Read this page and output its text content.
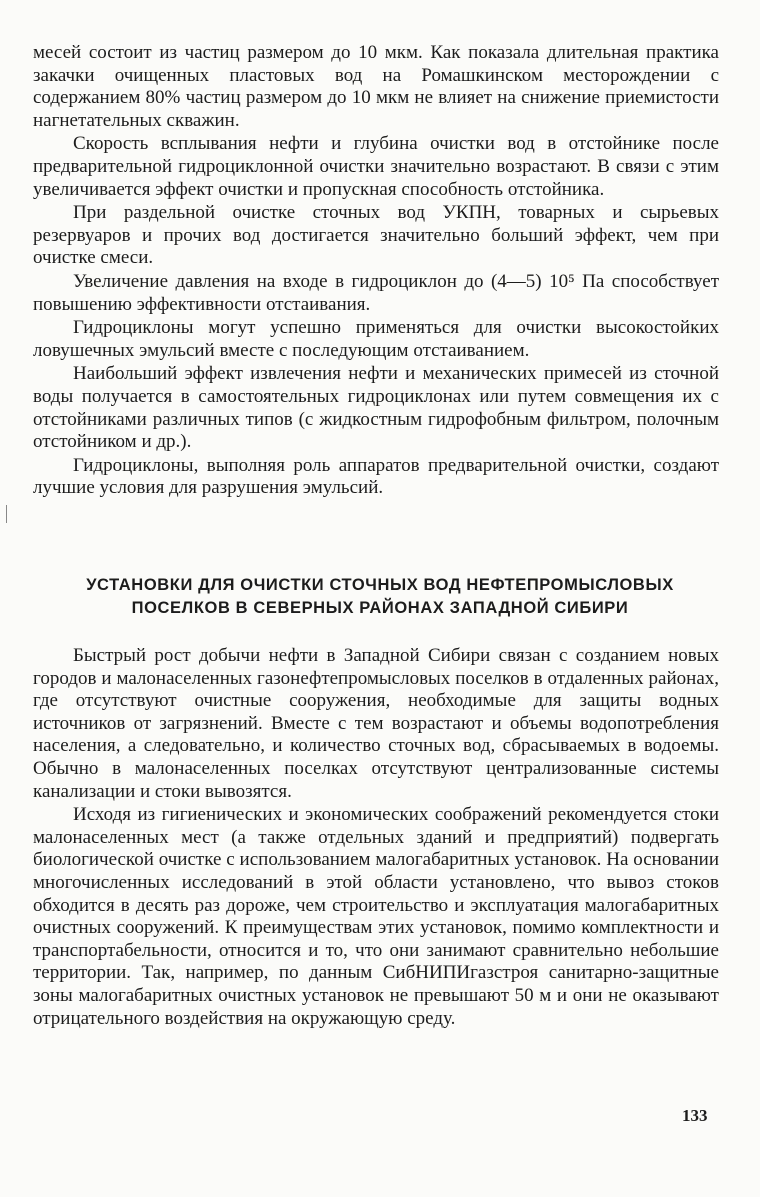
месей состоит из частиц размером до 10 мкм. Как показала длительная практика закачки очищенных пластовых вод на Ромашкинском месторождении с содержанием 80% частиц размером до 10 мкм не влияет на снижение приемистости нагнетательных скважин.

Скорость всплывания нефти и глубина очистки вод в отстойнике после предварительной гидроциклонной очистки значительно возрастают. В связи с этим увеличивается эффект очистки и пропускная способность отстойника.

При раздельной очистке сточных вод УКПН, товарных и сырьевых резервуаров и прочих вод достигается значительно больший эффект, чем при очистке смеси.

Увеличение давления на входе в гидроциклон до (4—5) 10⁵ Па способствует повышению эффективности отстаивания.

Гидроциклоны могут успешно применяться для очистки высокостойких ловушечных эмульсий вместе с последующим отстаиванием.

Наибольший эффект извлечения нефти и механических примесей из сточной воды получается в самостоятельных гидроциклонах или путем совмещения их с отстойниками различных типов (с жидкостным гидрофобным фильтром, полочным отстойником и др.).

Гидроциклоны, выполняя роль аппаратов предварительной очистки, создают лучшие условия для разрушения эмульсий.

УСТАНОВКИ ДЛЯ ОЧИСТКИ СТОЧНЫХ ВОД НЕФТЕПРОМЫСЛОВЫХ
ПОСЕЛКОВ В СЕВЕРНЫХ РАЙОНАХ ЗАПАДНОЙ СИБИРИ

Быстрый рост добычи нефти в Западной Сибири связан с созданием новых городов и малонаселенных газонефтепромысловых поселков в отдаленных районах, где отсутствуют очистные сооружения, необходимые для защиты водных источников от загрязнений. Вместе с тем возрастают и объемы водопотребления населения, а следовательно, и количество сточных вод, сбрасываемых в водоемы. Обычно в малонаселенных поселках отсутствуют централизованные системы канализации и стоки вывозятся.

Исходя из гигиенических и экономических соображений рекомендуется стоки малонаселенных мест (а также отдельных зданий и предприятий) подвергать биологической очистке с использованием малогабаритных установок. На основании многочисленных исследований в этой области установлено, что вывоз стоков обходится в десять раз дороже, чем строительство и эксплуатация малогабаритных очистных сооружений. К преимуществам этих установок, помимо комплектности и транспортабельности, относится и то, что они занимают сравнительно небольшие территории. Так, например, по данным СибНИПИгазстроя санитарно-защитные зоны малогабаритных очистных установок не превышают 50 м и они не оказывают отрицательного воздействия на окружающую среду.

133
